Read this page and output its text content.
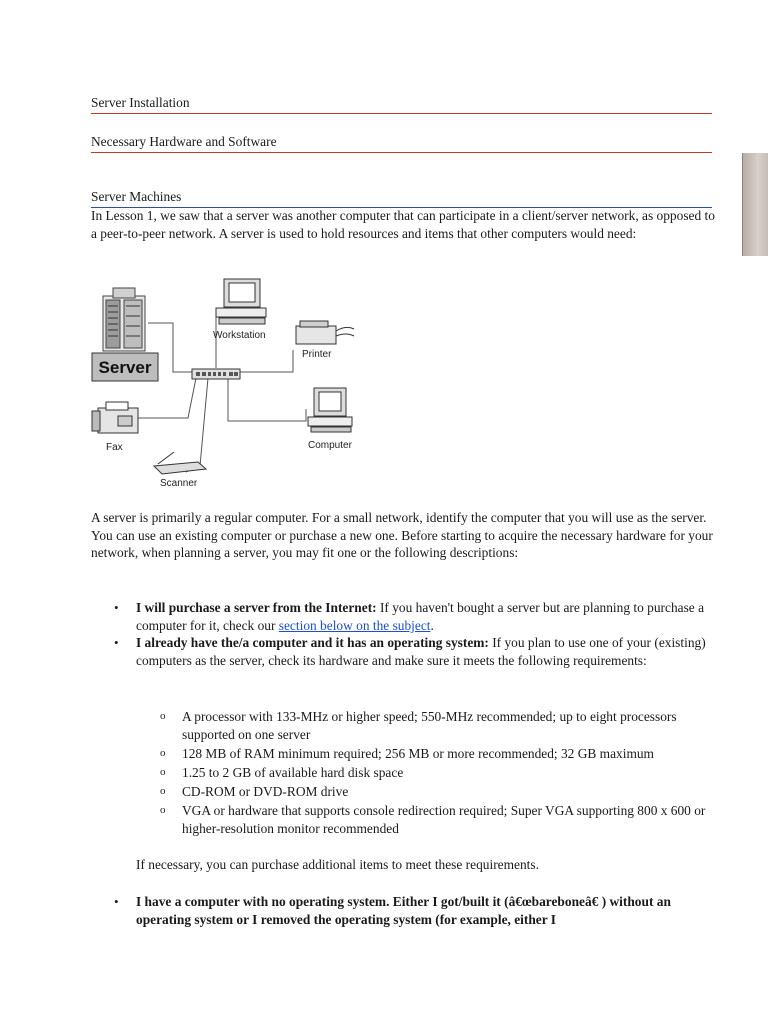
Server Installation
Necessary Hardware and Software
Server Machines
In Lesson 1, we saw that a server was another computer that can participate in a client/server network, as opposed to a peer-to-peer network. A server is used to hold resources and items that other computers would need:
Server
Workstation
Printer
Computer
Fax
Scanner
A server is primarily a regular computer. For a small network, identify the computer that you will use as the server. You can use an existing computer or purchase a new one. Before starting to acquire the necessary hardware for your network, when planning a server, you may fit one or the following descriptions:
• I will purchase a server from the Internet: If you haven't bought a server but are planning to purchase a computer for it, check our section below on the subject.
• I already have the/a computer and it has an operating system: If you plan to use one of your (existing) computers as the server, check its hardware and make sure it meets the following requirements:
o A processor with 133-MHz or higher speed; 550-MHz recommended; up to eight processors supported on one server
o 128 MB of RAM minimum required; 256 MB or more recommended; 32 GB maximum
o 1.25 to 2 GB of available hard disk space
o CD-ROM or DVD-ROM drive
o VGA or hardware that supports console redirection required; Super VGA supporting 800 x 600 or higher-resolution monitor recommended
If necessary, you can purchase additional items to meet these requirements.
• I have a computer with no operating system. Either I got/built it (â€œbareboneâ€ ) without an operating system or I removed the operating system (for example, either I
